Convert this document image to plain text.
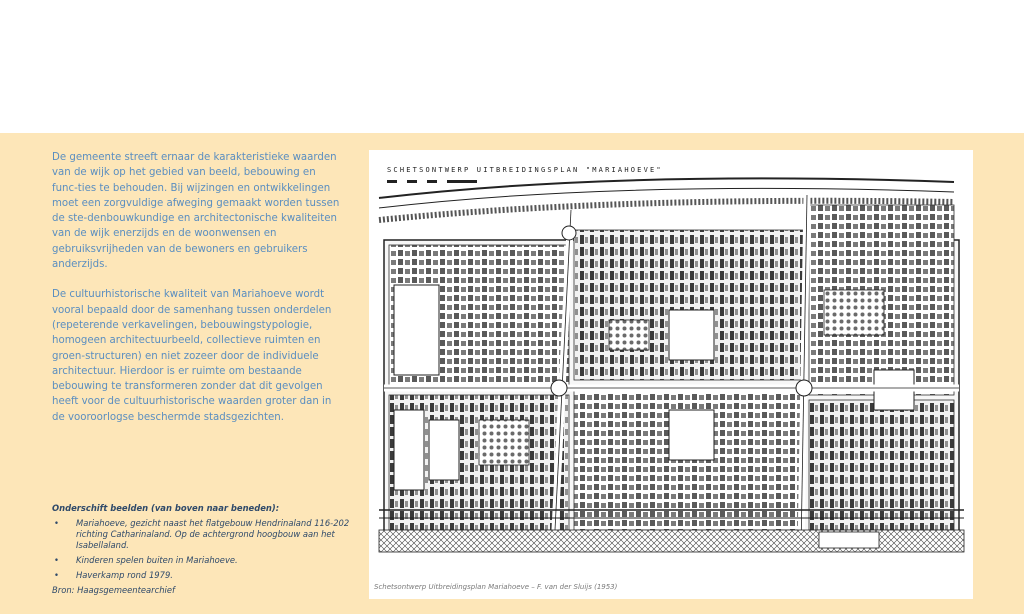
De gemeente streeft ernaar de karakteristieke waarden van de wijk op het gebied van beeld, bebouwing en func-ties te behouden. Bij wijzingen en ontwikkelingen moet een zorgvuldige afweging gemaakt worden tussen de ste-denbouwkundige en architectonische kwaliteiten van de wijk enerzijds en de woonwensen en gebruiksvrijheden van de bewoners en gebruikers anderzijds.

De cultuurhistorische kwaliteit van Mariahoeve wordt vooral bepaald door de samenhang tussen onderdelen (repeterende verkavelingen, bebouwingstypologie, homogeen architectuurbeeld, collectieve ruimten en groen-structuren) en niet zozeer door de individuele architectuur. Hierdoor is er ruimte om bestaande bebouwing te transformeren zonder dat dit gevolgen heeft voor de cultuurhistorische waarden groter dan in de vooroorlogse beschermde stadsgezichten.

Onderschift beelden (van boven naar beneden):
• Mariahoeve, gezicht naast het flatgebouw Hendrinaland 116-202 richting Catharinaland. Op de achtergrond hoogbouw aan het Isabellaland.
• Kinderen spelen buiten in Mariahoeve.
• Haverkamp rond 1979.
Bron: Haagsgemeentearchief
SCHETSONTWERP UITBREIDINGSPLAN "MARIAHOEVE"
Schetsontwerp Uitbreidingsplan Mariahoeve – F. van der Sluijs (1953)
